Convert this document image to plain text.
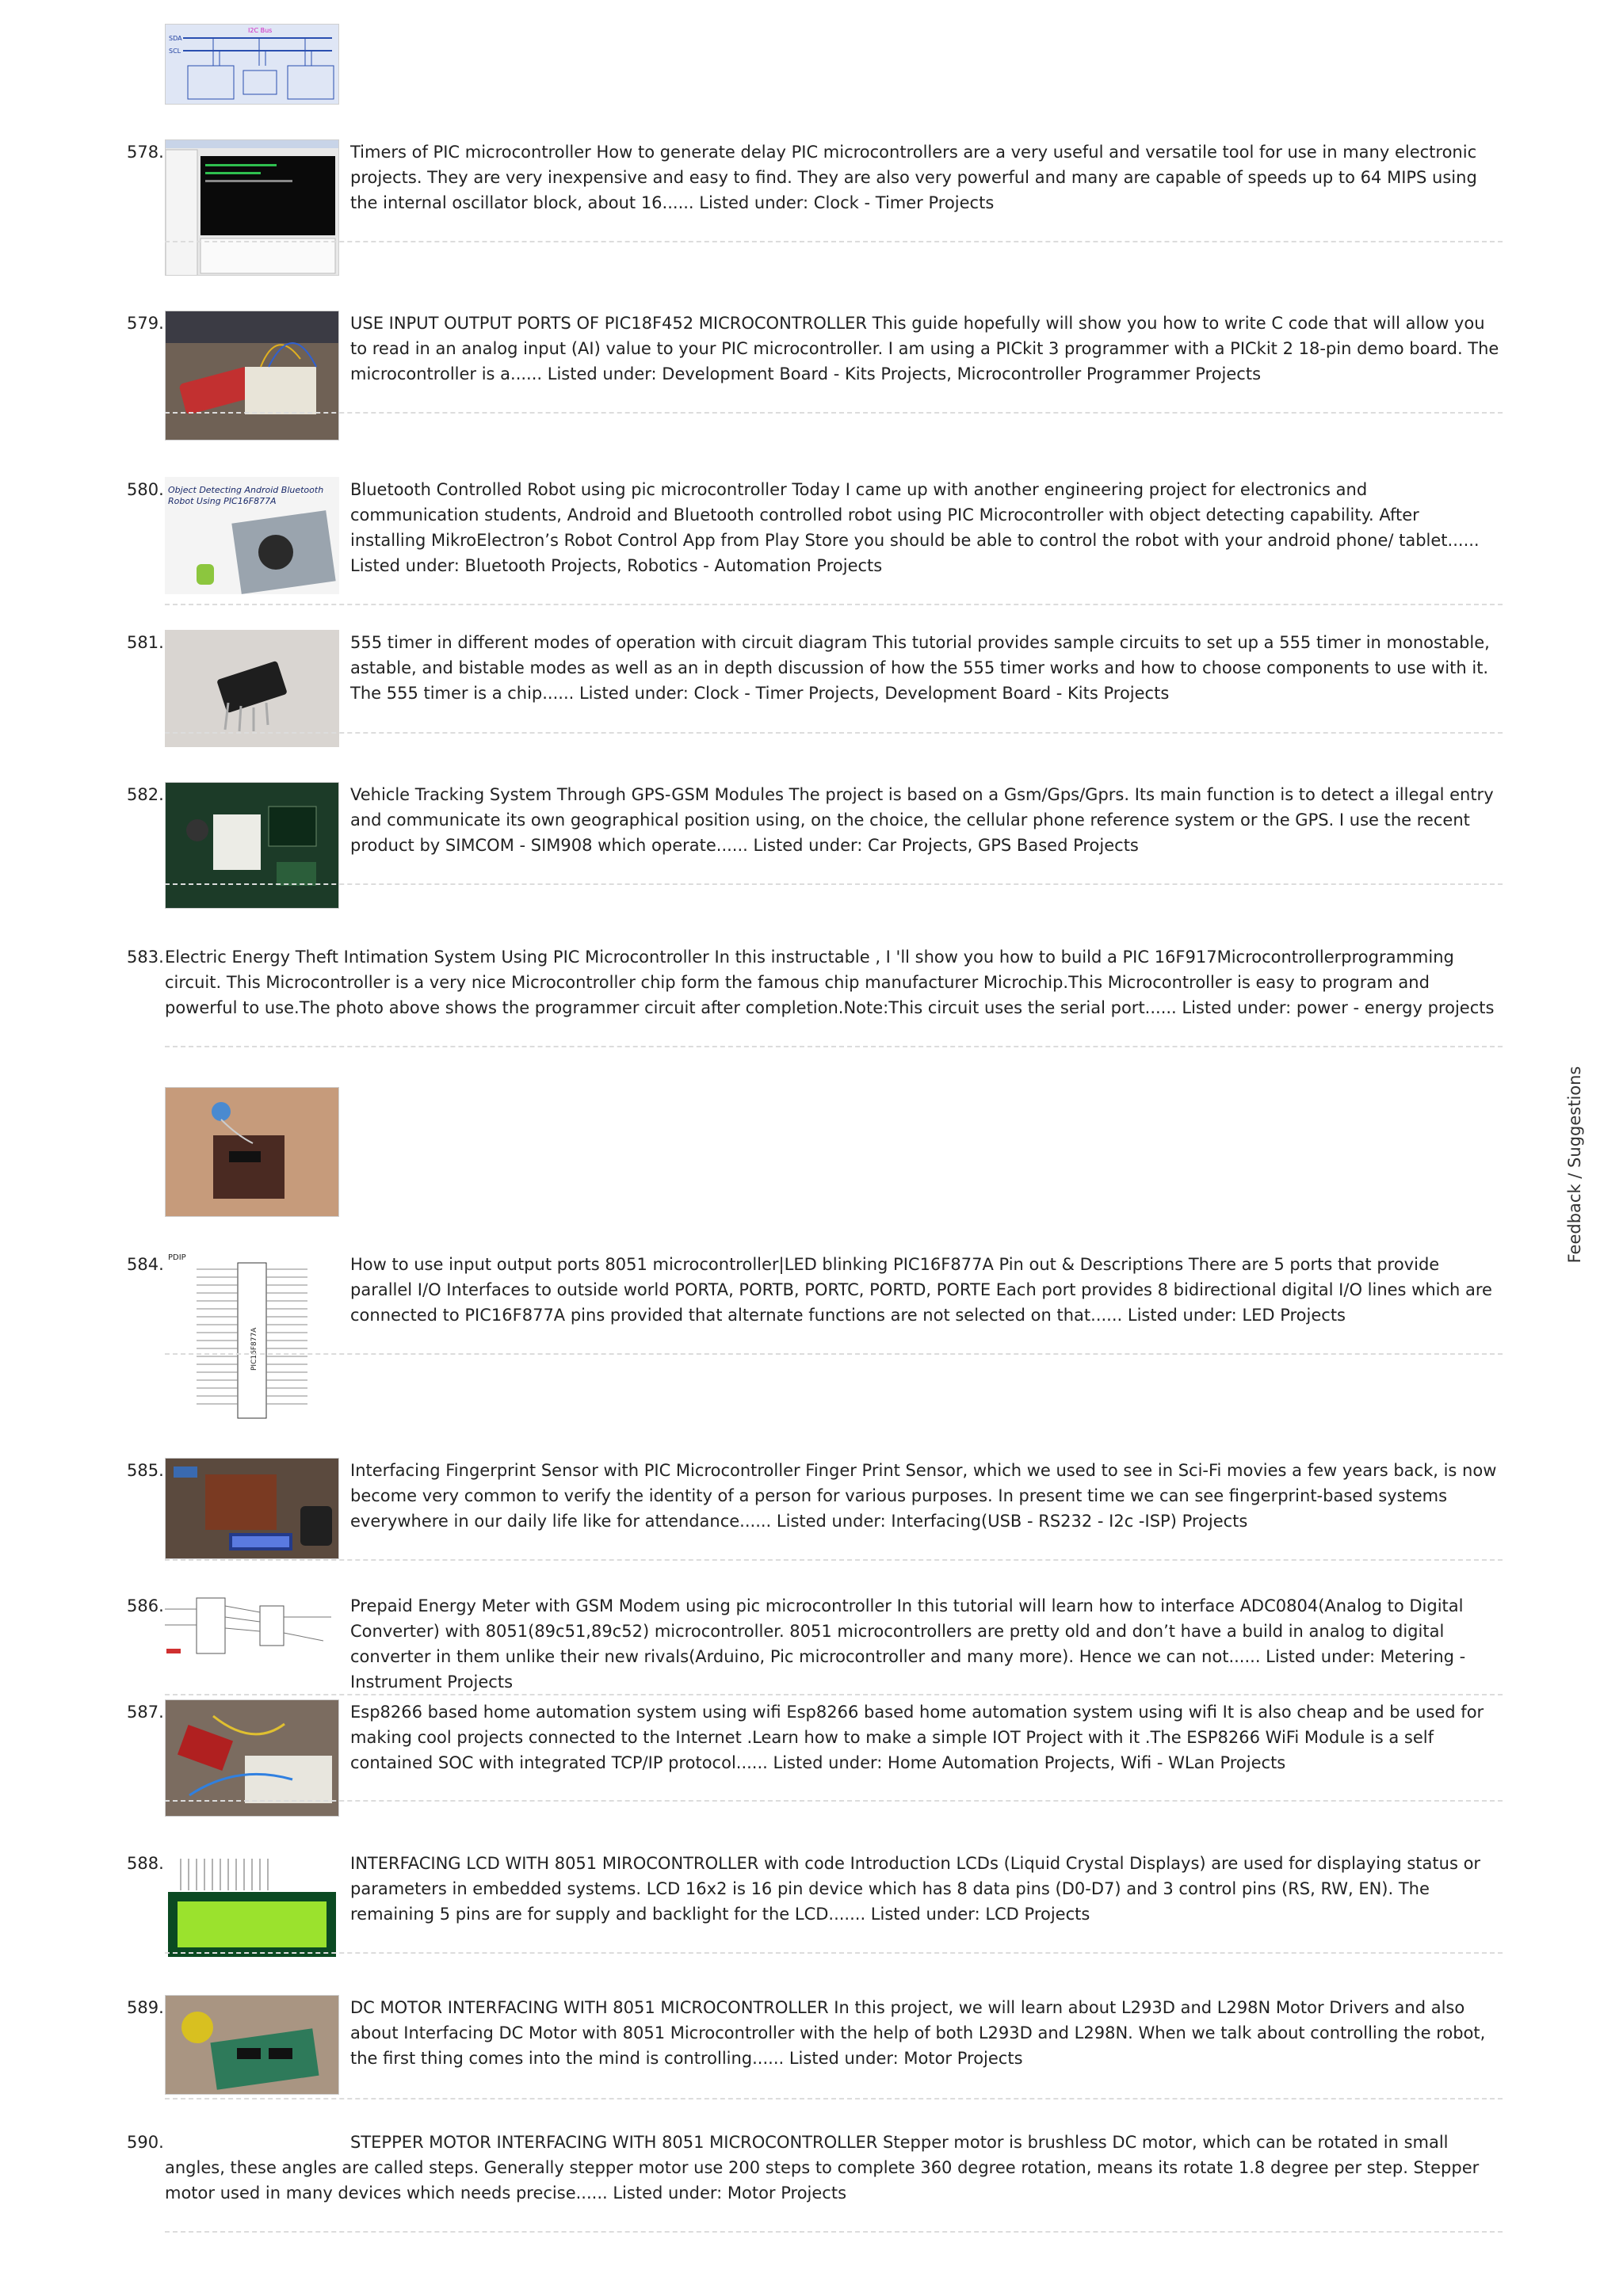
I2C Bus
SDA
SCL
578.	Timers of PIC microcontroller How to generate delay PIC microcontrollers are a very useful and versatile tool for use in many electronic projects. They are very inexpensive and easy to find. They are also very powerful and many are capable of speeds up to 64 MIPS using the internal oscillator block, about 16...... Listed under: Clock - Timer Projects
579.	USE INPUT OUTPUT PORTS OF PIC18F452 MICROCONTROLLER This guide hopefully will show you how to write C code that will allow you to read in an analog input (AI) value to your PIC microcontroller. I am using a PICkit 3 programmer with a PICkit 2 18-pin demo board. The microcontroller is a...... Listed under: Development Board - Kits Projects, Microcontroller Programmer Projects
580. Object Detecting Android Bluetooth
Robot Using PIC16F877A
Bluetooth Controlled Robot using pic microcontroller Today I came up with another engineering project for electronics and communication students, Android and Bluetooth controlled robot using PIC Microcontroller with object detecting capability. After installing MikroElectron’s Robot Control App from Play Store you should be able to control the robot with your android phone/ tablet...... Listed under: Bluetooth Projects, Robotics - Automation Projects
581.	555 timer in different modes of operation with circuit diagram This tutorial provides sample circuits to set up a 555 timer in monostable, astable, and bistable modes as well as an in depth discussion of how the 555 timer works and how to choose components to use with it. The 555 timer is a chip...... Listed under: Clock - Timer Projects, Development Board - Kits Projects
582.	Vehicle Tracking System Through GPS-GSM Modules The project is based on a Gsm/Gps/Gprs. Its main function is to detect a illegal entry and communicate its own geographical position using, on the choice, the cellular phone reference system or the GPS. I use the recent product by SIMCOM - SIM908 which operate...... Listed under: Car Projects, GPS Based Projects
583. Electric Energy Theft Intimation System Using PIC Microcontroller In this instructable , I 'll show you how to build a PIC 16F917Microcontrollerprogramming circuit. This Microcontroller is a very nice Microcontroller chip form the famous chip manufacturer Microchip.This Microcontroller is easy to program and powerful to use.The photo above shows the programmer circuit after completion.Note:This circuit uses the serial port...... Listed under: power - energy projects
584. PDIP
PIC16F877A
How to use input output ports 8051 microcontroller|LED blinking PIC16F877A Pin out & Descriptions There are 5 ports that provide parallel I/O Interfaces to outside world PORTA, PORTB, PORTC, PORTD, PORTE Each port provides 8 bidirectional digital I/O lines which are connected to PIC16F877A pins provided that alternate functions are not selected on that...... Listed under: LED Projects
585.	Interfacing Fingerprint Sensor with PIC Microcontroller Finger Print Sensor, which we used to see in Sci-Fi movies a few years back, is now become very common to verify the identity of a person for various purposes. In present time we can see fingerprint-based systems everywhere in our daily life like for attendance...... Listed under: Interfacing(USB - RS232 - I2c -ISP) Projects
586.	Prepaid Energy Meter with GSM Modem using pic microcontroller In this tutorial will learn how to interface ADC0804(Analog to Digital Converter) with 8051(89c51,89c52) microcontroller. 8051 microcontrollers are pretty old and don’t have a build in analog to digital converter in them unlike their new rivals(Arduino, Pic microcontroller and many more). Hence we can not...... Listed under: Metering - Instrument Projects
587.	Esp8266 based home automation system using wifi Esp8266 based home automation system using wifi It is also cheap and be used for making cool projects connected to the Internet .Learn how to make a simple IOT Project with it .The ESP8266 WiFi Module is a self contained SOC with integrated TCP/IP protocol...... Listed under: Home Automation Projects, Wifi - WLan Projects
588.	INTERFACING LCD WITH 8051 MIROCONTROLLER with code Introduction LCDs (Liquid Crystal Displays) are used for displaying status or parameters in embedded systems. LCD 16x2 is 16 pin device which has 8 data pins (D0-D7) and 3 control pins (RS, RW, EN). The remaining 5 pins are for supply and backlight for the LCD....... Listed under: LCD Projects
589.	DC MOTOR INTERFACING WITH 8051 MICROCONTROLLER In this project, we will learn about L293D and L298N Motor Drivers and also about Interfacing DC Motor with 8051 Microcontroller with the help of both L293D and L298N. When we talk about controlling the robot, the first thing comes into the mind is controlling...... Listed under: Motor Projects
590.	STEPPER MOTOR INTERFACING WITH 8051 MICROCONTROLLER Stepper motor is brushless DC motor, which can be rotated in small angles, these angles are called steps. Generally stepper motor use 200 steps to complete 360 degree rotation, means its rotate 1.8 degree per step. Stepper motor used in many devices which needs precise...... Listed under: Motor Projects
Feedback / Suggestions
